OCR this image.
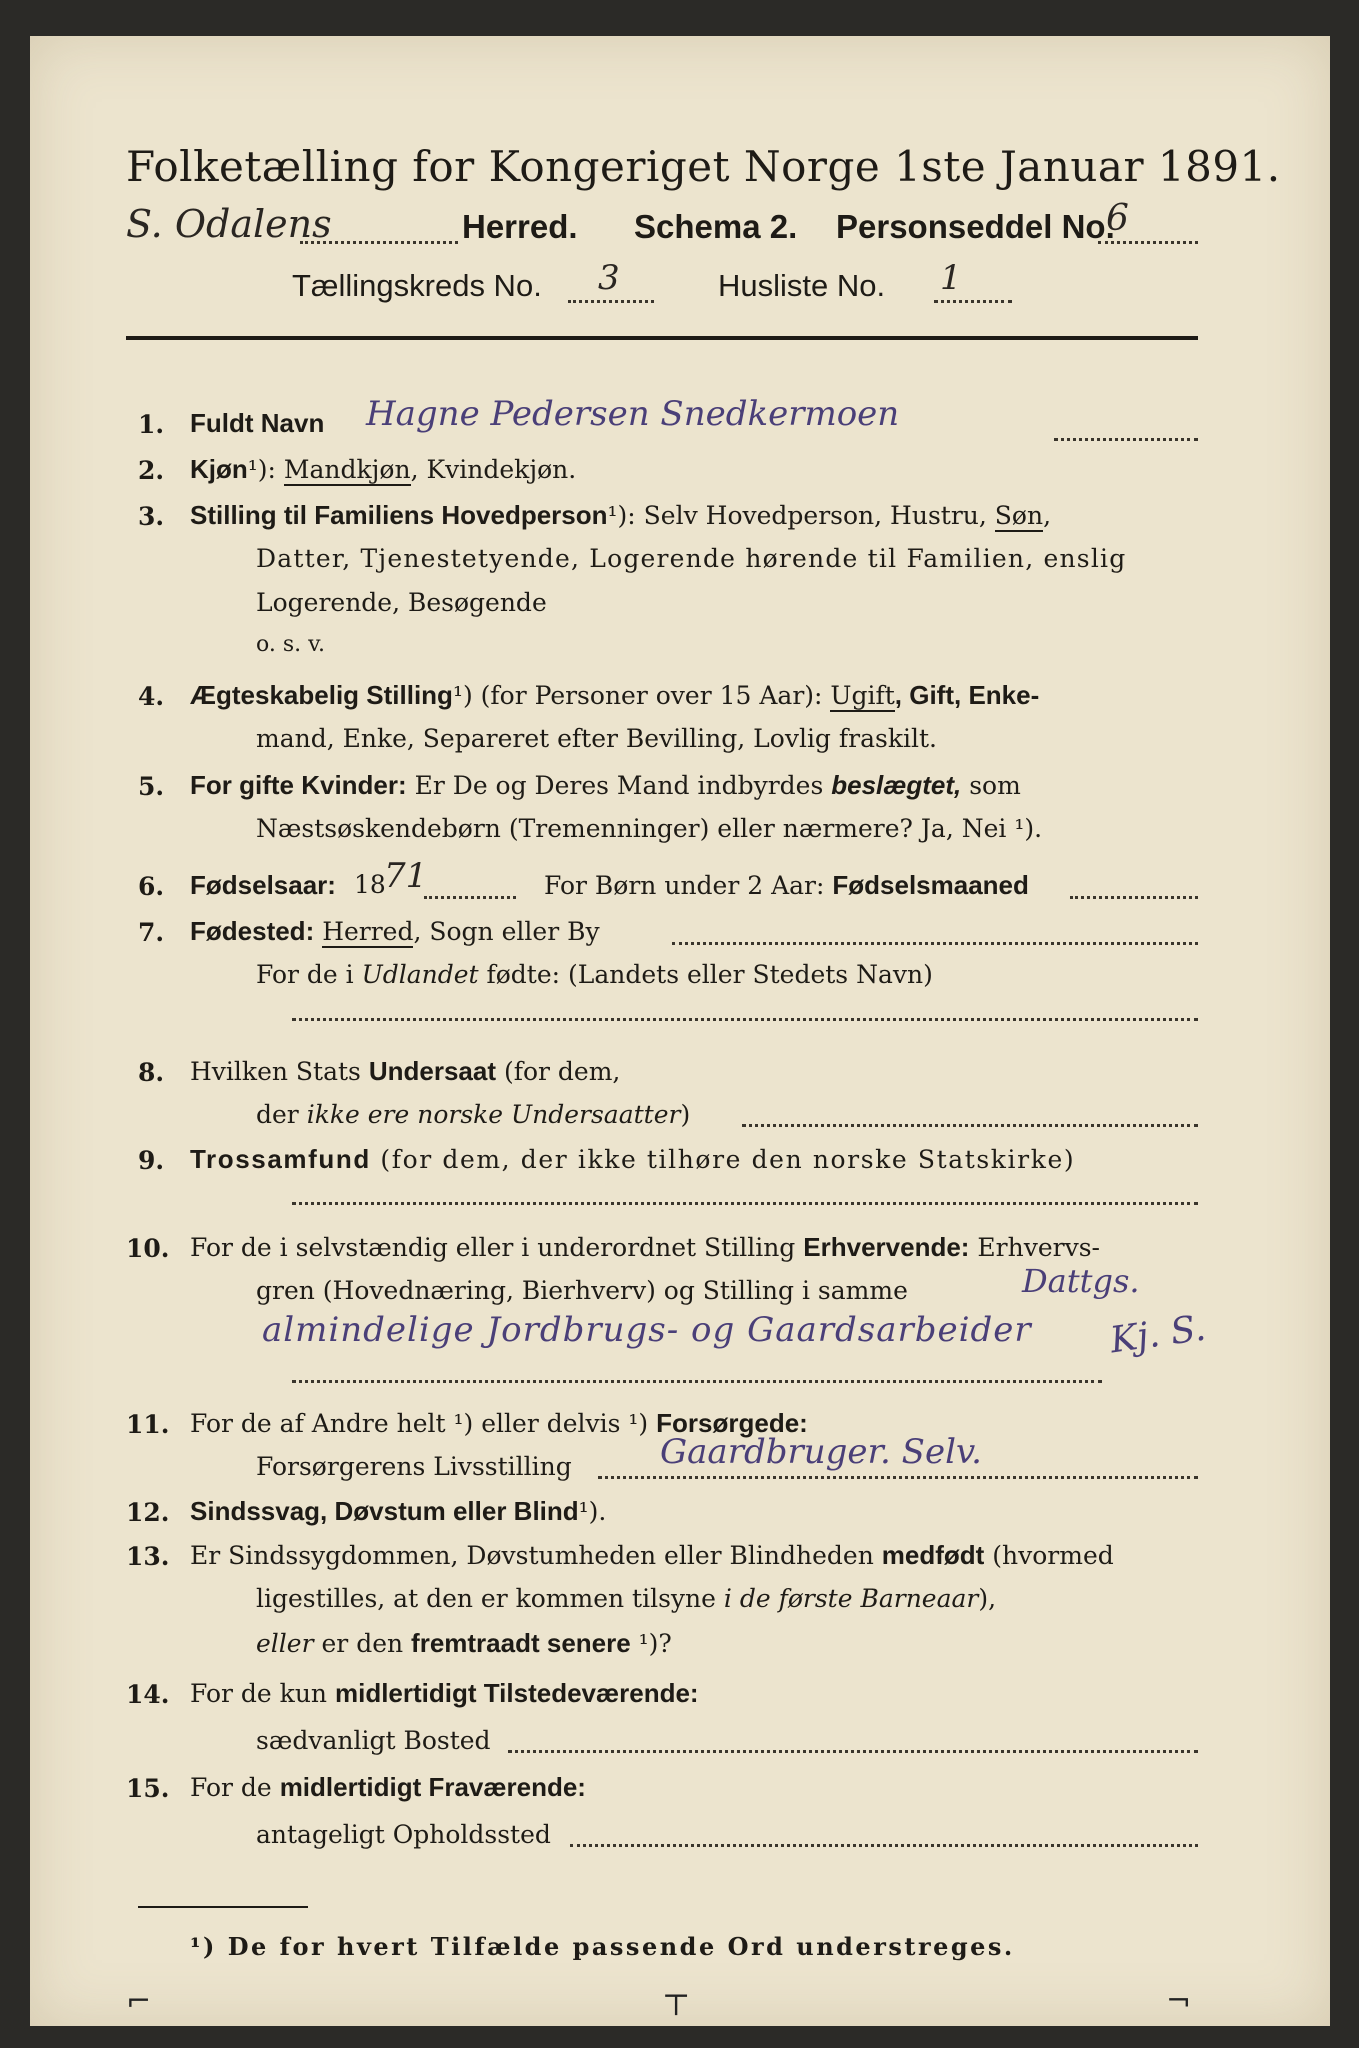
Folketælling for Kongeriget Norge 1ste Januar 1891.
S. Odalens	Herred. Schema 2. Personseddel No.
6
Tællingskreds No. 3	Husliste No. 1
1. Fuldt Navn Hagne Pedersen Snedkermoen
2. Kjøn¹): Mandkjøn, Kvindekjøn.
3. Stilling til Familiens Hovedperson¹): Selv Hovedperson, Hustru, Søn,
Datter, Tjenestetyende, Logerende hørende til Familien, enslig
Logerende, Besøgende
o. s. v.
4. Ægteskabelig Stilling¹) (for Personer over 15 Aar): Ugift, Gift, Enke-
mand, Enke, Separeret efter Bevilling, Lovlig fraskilt.
5. For gifte Kvinder: Er De og Deres Mand indbyrdes beslægtet, som
Næstsøskendebørn (Tremenninger) eller nærmere? Ja, Nei ¹).
6. Fødselsaar: 18
71	For Børn under 2 Aar: Fødselsmaaned
7. Fødested: Herred, Sogn eller By
For de i Udlandet fødte: (Landets eller Stedets Navn)
8. Hvilken Stats Undersaat (for dem,
der ikke ere norske Undersaatter)
9. Trossamfund (for dem, der ikke tilhøre den norske Statskirke)
10. For de i selvstændig eller i underordnet Stilling Erhvervende: Erhvervs-
gren (Hovednæring, Bierhverv) og Stilling i samme	Dattgs.
almindelige Jordbrugs- og Gaardsarbeider Kj. S.
11. For de af Andre helt ¹) eller delvis ¹) Forsørgede:
Forsørgerens Livsstilling	Gaardbruger. Selv.
12. Sindssvag, Døvstum eller Blind¹).
13. Er Sindssygdommen, Døvstumheden eller Blindheden medfødt (hvormed
ligestilles, at den er kommen tilsyne i de første Barneaar),
eller er den fremtraadt senere ¹)?
14. For de kun midlertidigt Tilstedeværende:
sædvanligt Bosted
15. For de midlertidigt Fraværende:
antageligt Opholdssted
¹) De for hvert Tilfælde passende Ord understreges.
⌐	⊤	¬
